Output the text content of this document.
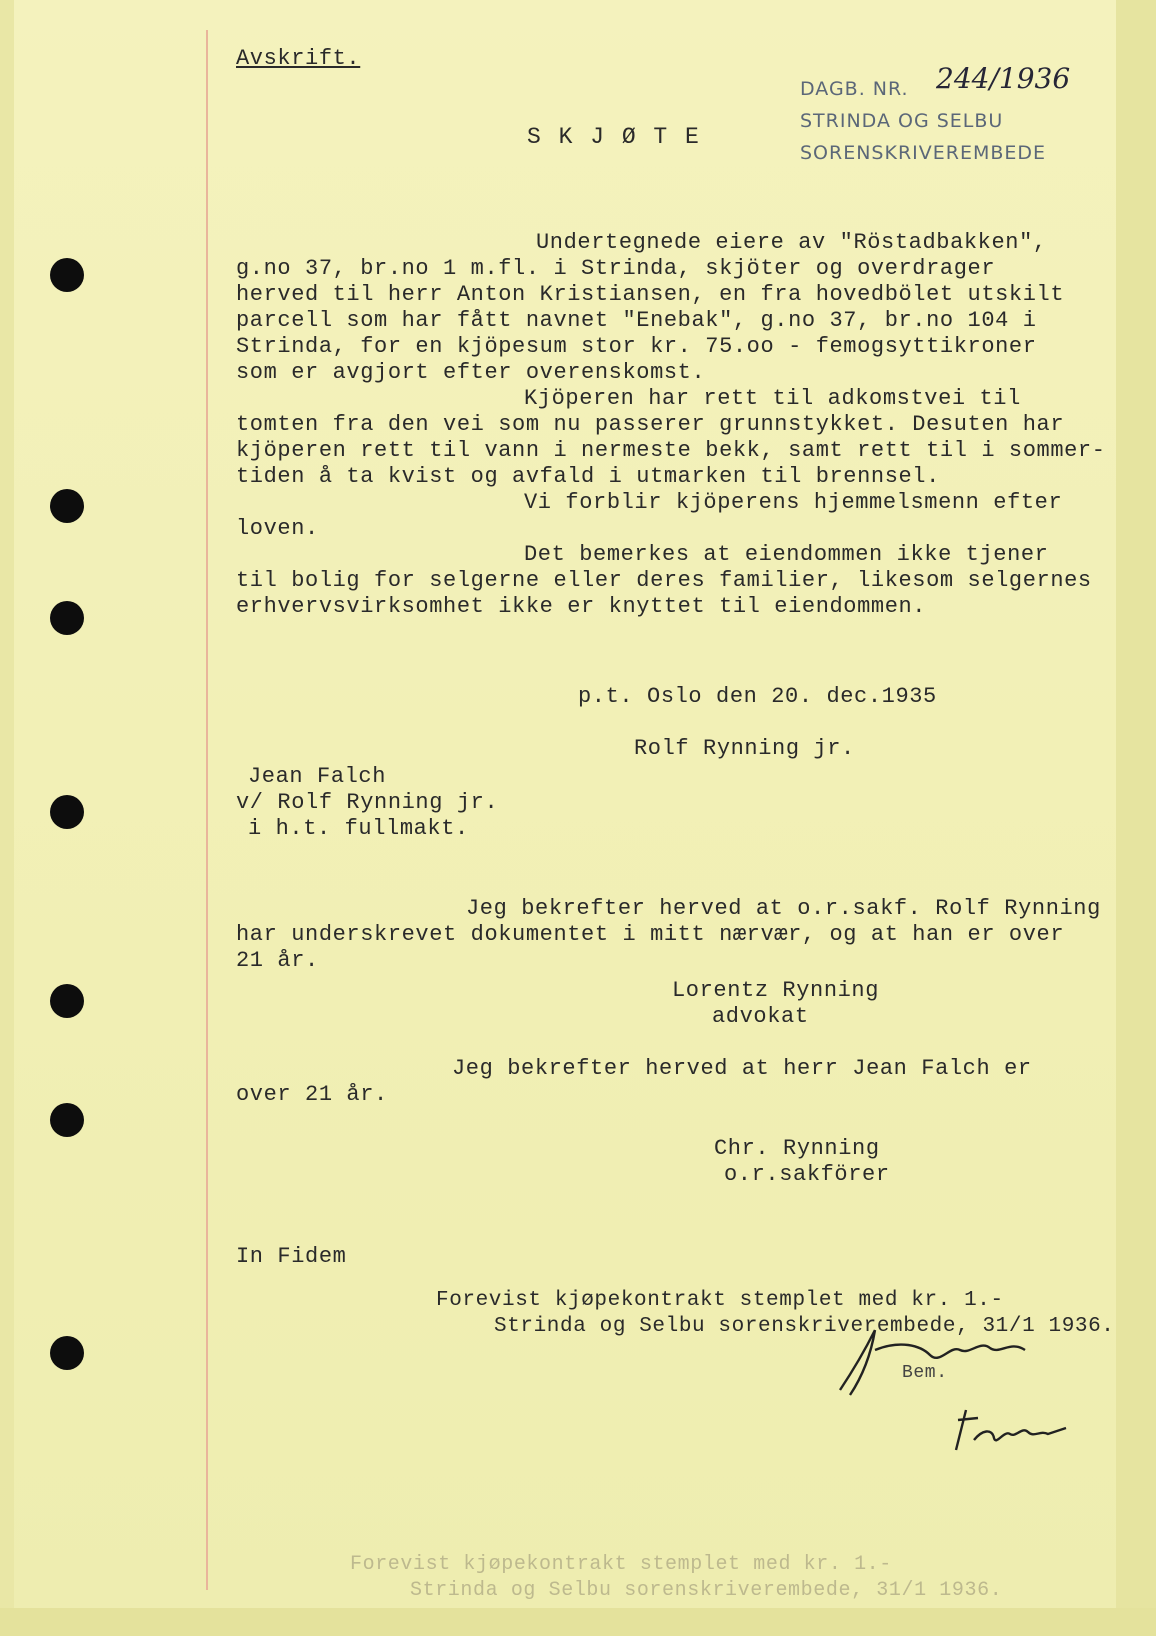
Avskrift.
S K J Ø T E
DAGB. NR. 244/1936
STRINDA OG SELBU
SORENSKRIVEREMBEDE
Undertegnede eiere av "Röstadbakken",
g.no 37, br.no 1 m.fl. i Strinda, skjöter og overdrager
herved til herr Anton Kristiansen, en fra hovedbölet utskilt
parcell som har fått navnet "Enebak", g.no 37, br.no 104 i
Strinda, for en kjöpesum stor kr. 75.oo - femogsyttikroner
som er avgjort efter overenskomst.
Kjöperen har rett til adkomstvei til
tomten fra den vei som nu passerer grunnstykket. Desuten har
kjöperen rett til vann i nermeste bekk, samt rett til i sommer-
tiden å ta kvist og avfald i utmarken til brennsel.
Vi forblir kjöperens hjemmelsmenn efter
loven.
Det bemerkes at eiendommen ikke tjener
til bolig for selgerne eller deres familier, likesom selgernes
erhvervsvirksomhet ikke er knyttet til eiendommen.
p.t. Oslo den 20. dec.1935
Rolf Rynning jr.
Jean Falch
v/ Rolf Rynning jr.
i h.t. fullmakt.
Jeg bekrefter herved at o.r.sakf. Rolf Rynning
har underskrevet dokumentet i mitt nærvær, og at han er over
21 år.
Lorentz Rynning
advokat
Jeg bekrefter herved at herr Jean Falch er
over 21 år.
Chr. Rynning
o.r.sakförer
In Fidem
Forevist kjøpekontrakt stemplet med kr. 1.-
Strinda og Selbu sorenskriverembede, 31/1 1936.
Bem.
Forevist kjøpekontrakt stemplet med kr. 1.-
Strinda og Selbu sorenskriverembede, 31/1 1936.
